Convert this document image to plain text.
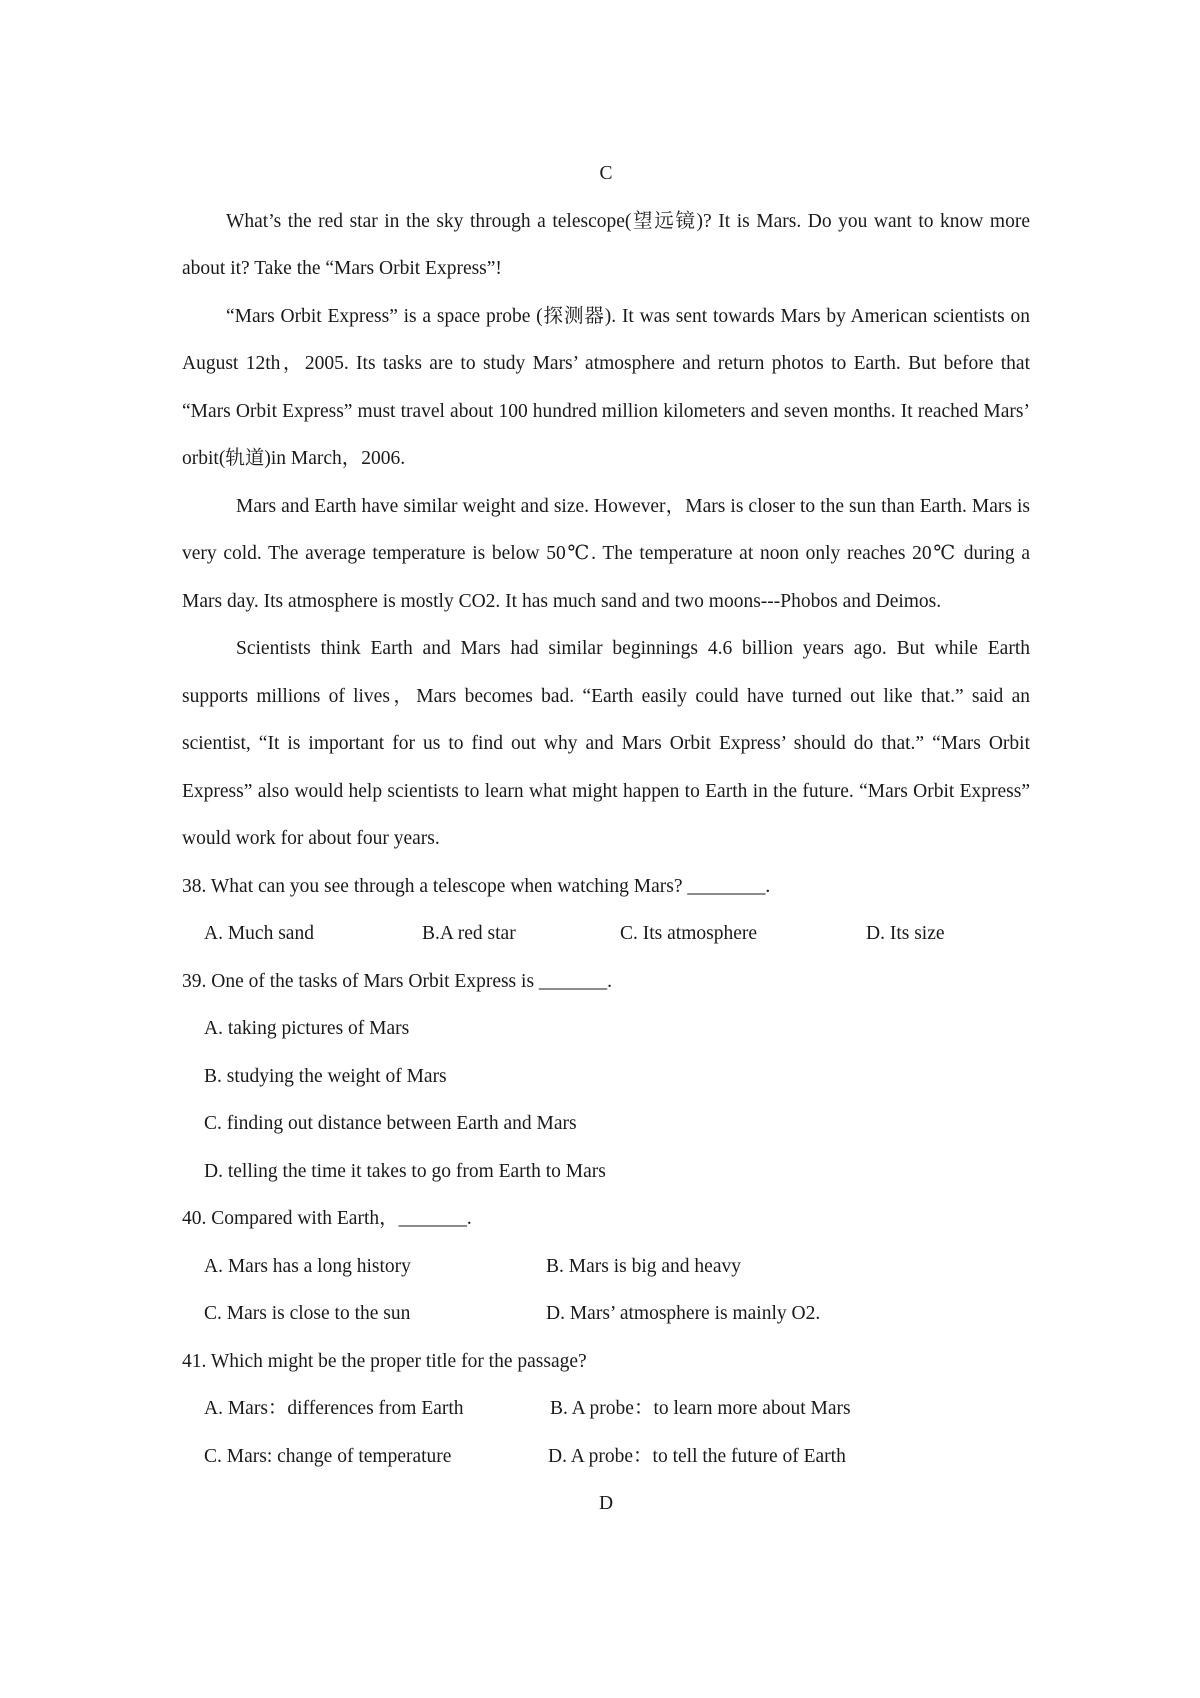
C

What’s the red star in the sky through a telescope(望远镜)? It is Mars. Do you want to know more about it? Take the “Mars Orbit Express”!

“Mars Orbit Express” is a space probe (探测器). It was sent towards Mars by American scientists on August 12th，2005. Its tasks are to study Mars’ atmosphere and return photos to Earth. But before that “Mars Orbit Express” must travel about 100 hundred million kilometers and seven months. It reached Mars’ orbit(轨道)in March，2006.

Mars and Earth have similar weight and size. However，Mars is closer to the sun than Earth. Mars is very cold. The average temperature is below 50℃. The temperature at noon only reaches 20℃ during a Mars day. Its atmosphere is mostly CO2. It has much sand and two moons---Phobos and Deimos.

Scientists think Earth and Mars had similar beginnings 4.6 billion years ago. But while Earth supports millions of lives，Mars becomes bad. “Earth easily could have turned out like that.” said an scientist, “It is important for us to find out why and Mars Orbit Express’ should do that.” “Mars Orbit Express” also would help scientists to learn what might happen to Earth in the future. “Mars Orbit Express” would work for about four years.

38. What can you see through a telescope when watching Mars? ________.

A. Much sand	B.A red star	C. Its atmosphere	D. Its size

39. One of the tasks of Mars Orbit Express is _______.

A. taking pictures of Mars

B. studying the weight of Mars

C. finding out distance between Earth and Mars

D. telling the time it takes to go from Earth to Mars

40. Compared with Earth，_______.

A. Mars has a long history	B. Mars is big and heavy
C. Mars is close to the sun	D. Mars’ atmosphere is mainly O2.

41. Which might be the proper title for the passage?

A. Mars：differences from Earth	B. A probe：to learn more about Mars
C. Mars: change of temperature	D. A probe：to tell the future of Earth

D
